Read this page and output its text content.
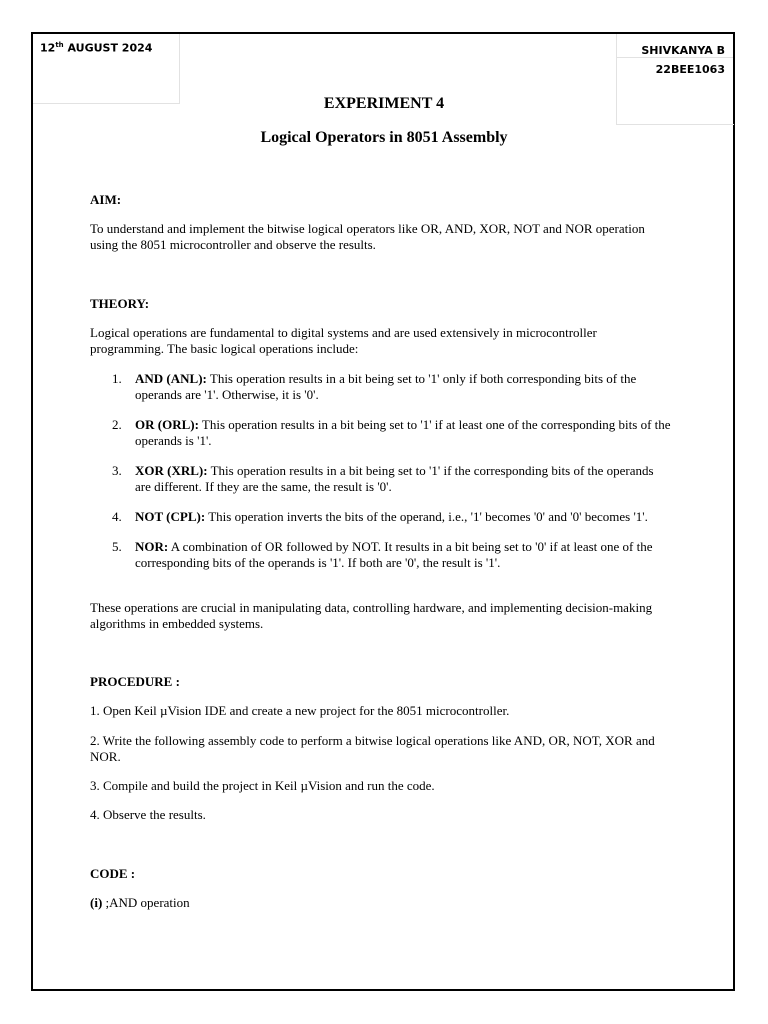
12th AUGUST 2024	SHIVKANYA B
22BEE1063
EXPERIMENT 4
Logical Operators in 8051 Assembly
AIM:

To understand and implement the bitwise logical operators like OR, AND, XOR, NOT and NOR operation using the 8051 microcontroller and observe the results.

THEORY:

Logical operations are fundamental to digital systems and are used extensively in microcontroller programming. The basic logical operations include:

1. AND (ANL): This operation results in a bit being set to '1' only if both corresponding bits of the operands are '1'. Otherwise, it is '0'.
2. OR (ORL): This operation results in a bit being set to '1' if at least one of the corresponding bits of the operands is '1'.
3. XOR (XRL): This operation results in a bit being set to '1' if the corresponding bits of the operands are different. If they are the same, the result is '0'.
4. NOT (CPL): This operation inverts the bits of the operand, i.e., '1' becomes '0' and '0' becomes '1'.
5. NOR: A combination of OR followed by NOT. It results in a bit being set to '0' if at least one of the corresponding bits of the operands is '1'. If both are '0', the result is '1'.

These operations are crucial in manipulating data, controlling hardware, and implementing decision-making algorithms in embedded systems.

PROCEDURE :

1. Open Keil µVision IDE and create a new project for the 8051 microcontroller.

2. Write the following assembly code to perform a bitwise logical operations like AND, OR, NOT, XOR and NOR.

3. Compile and build the project in Keil µVision and run the code.

4. Observe the results.

CODE :
(i) ;AND operation
